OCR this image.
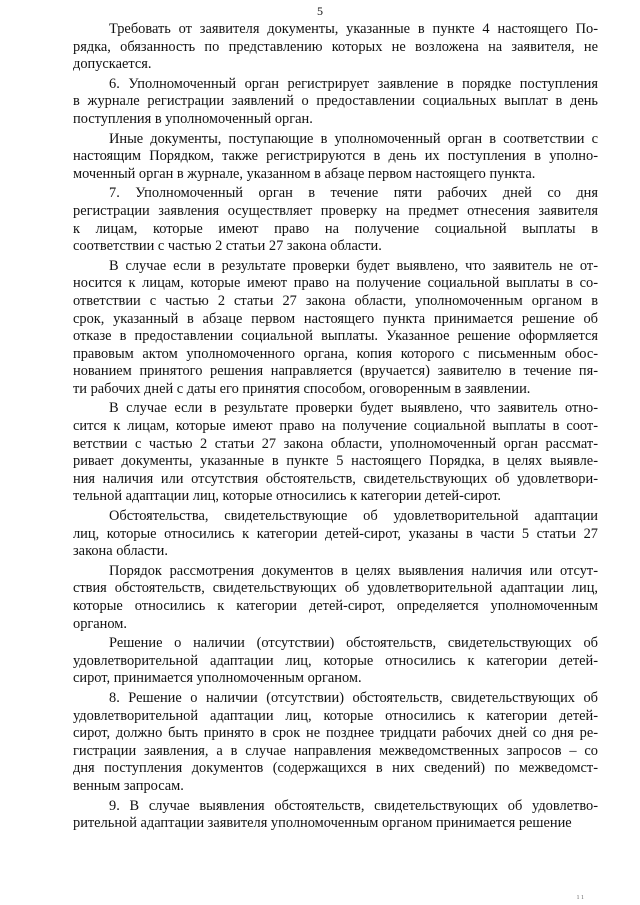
5

Требовать от заявителя документы, указанные в пункте 4 настоящего По-
рядка, обязанность по представлению которых не возложена на заявителя, не
допускается.

6. Уполномоченный орган регистрирует заявление в порядке поступления
в журнале регистрации заявлений о предоставлении социальных выплат в день
поступления в уполномоченный орган.

Иные документы, поступающие в уполномоченный орган в соответствии с
настоящим Порядком, также регистрируются в день их поступления в уполно-
моченный орган в журнале, указанном в абзаце первом настоящего пункта.

7. Уполномоченный орган в течение пяти рабочих дней со дня
регистрации заявления осуществляет проверку на предмет отнесения заявителя
к лицам, которые имеют право на получение социальной выплаты в
соответствии с частью 2 статьи 27 закона области.

В случае если в результате проверки будет выявлено, что заявитель не от-
носится к лицам, которые имеют право на получение социальной выплаты в со-
ответствии с частью 2 статьи 27 закона области, уполномоченным органом в
срок, указанный в абзаце первом настоящего пункта принимается решение об
отказе в предоставлении социальной выплаты. Указанное решение оформляется
правовым актом уполномоченного органа, копия которого с письменным обос-
нованием принятого решения направляется (вручается) заявителю в течение пя-
ти рабочих дней с даты его принятия способом, оговоренным в заявлении.

В случае если в результате проверки будет выявлено, что заявитель отно-
сится к лицам, которые имеют право на получение социальной выплаты в соот-
ветствии с частью 2 статьи 27 закона области, уполномоченный орган рассмат-
ривает документы, указанные в пункте 5 настоящего Порядка, в целях выявле-
ния наличия или отсутствия обстоятельств, свидетельствующих об удовлетвори-
тельной адаптации лиц, которые относились к категории детей-сирот.

Обстоятельства, свидетельствующие об удовлетворительной адаптации
лиц, которые относились к категории детей-сирот, указаны в части 5 статьи 27
закона области.

Порядок рассмотрения документов в целях выявления наличия или отсут-
ствия обстоятельств, свидетельствующих об удовлетворительной адаптации лиц,
которые относились к категории детей-сирот, определяется уполномоченным
органом.

Решение о наличии (отсутствии) обстоятельств, свидетельствующих об
удовлетворительной адаптации лиц, которые относились к категории детей-
сирот, принимается уполномоченным органом.

8. Решение о наличии (отсутствии) обстоятельств, свидетельствующих об
удовлетворительной адаптации лиц, которые относились к категории детей-
сирот, должно быть принято в срок не позднее тридцати рабочих дней со дня ре-
гистрации заявления, а в случае направления межведомственных запросов – со
дня поступления документов (содержащихся в них сведений) по межведомст-
венным запросам.

9. В случае выявления обстоятельств, свидетельствующих об удовлетво-
рительной адаптации заявителя уполномоченным органом принимается решение

1 1
